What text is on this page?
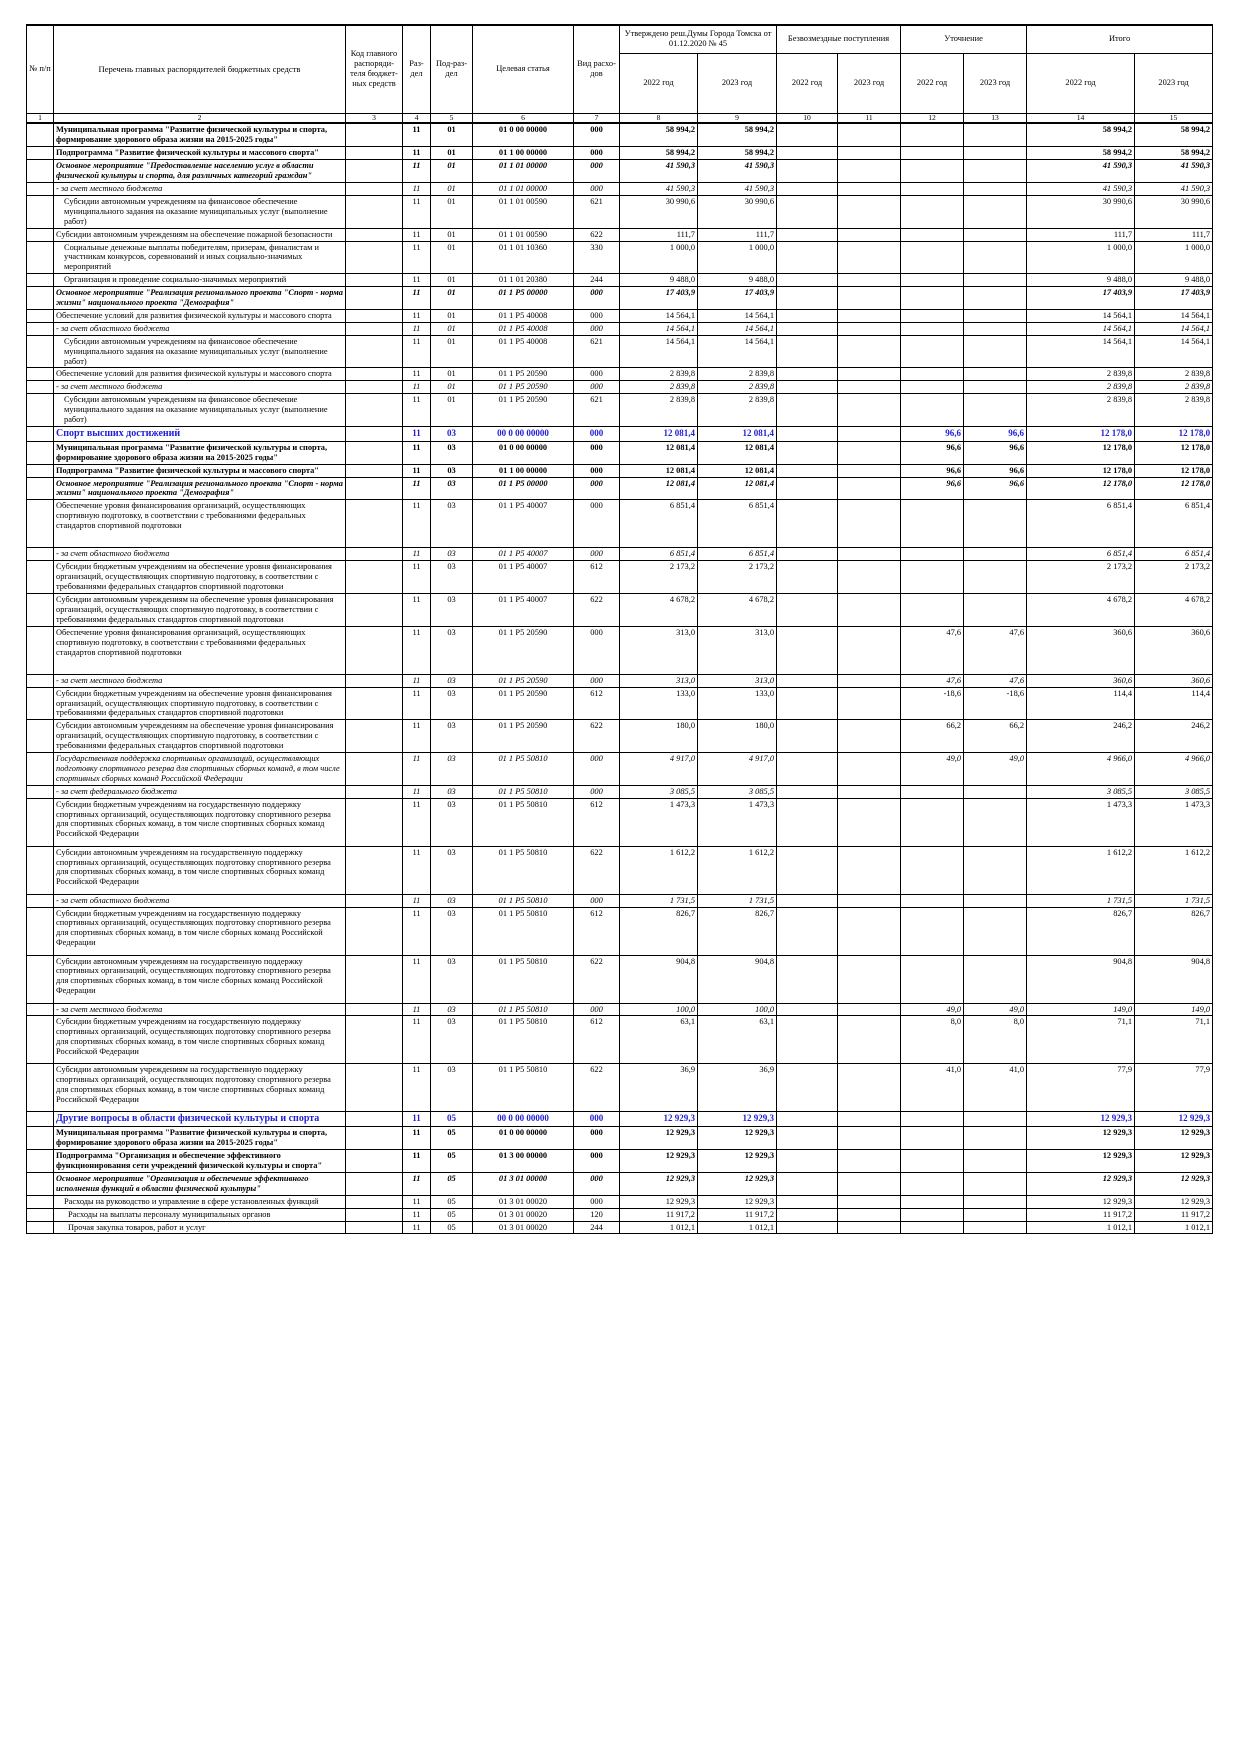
№ п/п	Перечень главных распорядителей бюджетных средств	Код главного распоряди-теля бюджет-ных средств	Раз-дел	Под-раз-дел	Целевая статья	Вид расхо-дов	Утверждено реш.Думы Города Томска от 01.12.2020 № 45		Безвозмездные поступления		Уточнение		Итого	
							2022 год	2023 год	2022 год	2023 год	2022 год	2023 год	2022 год	2023 год
1	2	3	4	5	6	7	8	9	10	11	12	13	14	15
	Муниципальная программа "Развитие физической культуры и спорта, формирование здорового образа жизни на 2015-2025 годы"		11	01	01 0 00 00000	000	58 994,2	58 994,2					58 994,2	58 994,2
	Подпрограмма "Развитие физической культуры и массового спорта"		11	01	01 1 00 00000	000	58 994,2	58 994,2					58 994,2	58 994,2
	Основное мероприятие "Предоставление населению услуг в области физической культуры и спорта, для различных категорий граждан"		11	01	01 1 01 00000	000	41 590,3	41 590,3					41 590,3	41 590,3
	- за счет местного бюджета		11	01	01 1 01 00000	000	41 590,3	41 590,3					41 590,3	41 590,3
	Субсидии автономным учреждениям на финансовое обеспечение муниципального задания на оказание муниципальных услуг (выполнение работ)		11	01	01 1 01 00590	621	30 990,6	30 990,6					30 990,6	30 990,6
	Субсидии автономным учреждениям на обеспечение пожарной безопасности		11	01	01 1 01 00590	622	111,7	111,7					111,7	111,7
	Социальные денежные выплаты победителям, призерам, финалистам и участникам конкурсов, соревнований и иных социально-значимых мероприятий		11	01	01 1 01 10360	330	1 000,0	1 000,0					1 000,0	1 000,0
	Организация и проведение социально-значимых мероприятий		11	01	01 1 01 20380	244	9 488,0	9 488,0					9 488,0	9 488,0
	Основное мероприятие "Реализация регионального проекта "Спорт - норма жизни" национального проекта "Демография"		11	01	01 1 Р5 00000	000	17 403,9	17 403,9					17 403,9	17 403,9
	Обеспечение условий для развития физической культуры и массового спорта		11	01	01 1 Р5 40008	000	14 564,1	14 564,1					14 564,1	14 564,1
	- за счет областного бюджета		11	01	01 1 Р5 40008	000	14 564,1	14 564,1					14 564,1	14 564,1
	Субсидии автономным учреждениям на финансовое обеспечение муниципального задания на оказание муниципальных услуг (выполнение работ)		11	01	01 1 Р5 40008	621	14 564,1	14 564,1					14 564,1	14 564,1
	Обеспечение условий для развития физической культуры и массового спорта		11	01	01 1 Р5 20590	000	2 839,8	2 839,8					2 839,8	2 839,8
	- за счет местного бюджета		11	01	01 1 Р5 20590	000	2 839,8	2 839,8					2 839,8	2 839,8
	Субсидии автономным учреждениям на финансовое обеспечение муниципального задания на оказание муниципальных услуг (выполнение работ)		11	01	01 1 Р5 20590	621	2 839,8	2 839,8					2 839,8	2 839,8
	Спорт высших достижений		11	03	00 0 00 00000	000	12 081,4	12 081,4			96,6	96,6	12 178,0	12 178,0
	Муниципальная программа "Развитие физической культуры и спорта, формирование здорового образа жизни на 2015-2025 годы"		11	03	01 0 00 00000	000	12 081,4	12 081,4			96,6	96,6	12 178,0	12 178,0
	Подпрограмма "Развитие физической культуры и массового спорта"		11	03	01 1 00 00000	000	12 081,4	12 081,4			96,6	96,6	12 178,0	12 178,0
	Основное мероприятие "Реализация регионального проекта "Спорт - норма жизни" национального проекта "Демография"		11	03	01 1 Р5 00000	000	12 081,4	12 081,4			96,6	96,6	12 178,0	12 178,0
	Обеспечение уровня финансирования организаций, осуществляющих спортивную подготовку, в соответствии с требованиями федеральных стандартов спортивной подготовки		11	03	01 1 Р5 40007	000	6 851,4	6 851,4					6 851,4	6 851,4
	- за счет областного бюджета		11	03	01 1 Р5 40007	000	6 851,4	6 851,4					6 851,4	6 851,4
	Субсидии бюджетным учреждениям на обеспечение уровня финансирования организаций, осуществляющих спортивную подготовку, в соответствии с требованиями федеральных стандартов спортивной подготовки		11	03	01 1 Р5 40007	612	2 173,2	2 173,2					2 173,2	2 173,2
	Субсидии автономным учреждениям на обеспечение уровня финансирования организаций, осуществляющих спортивную подготовку, в соответствии с требованиями федеральных стандартов спортивной подготовки		11	03	01 1 Р5 40007	622	4 678,2	4 678,2					4 678,2	4 678,2
	Обеспечение уровня финансирования организаций, осуществляющих спортивную подготовку, в соответствии с требованиями федеральных стандартов спортивной подготовки		11	03	01 1 Р5 20590	000	313,0	313,0			47,6	47,6	360,6	360,6
	- за счет местного бюджета		11	03	01 1 Р5 20590	000	313,0	313,0			47,6	47,6	360,6	360,6
	Субсидии бюджетным учреждениям на обеспечение уровня финансирования организаций, осуществляющих спортивную подготовку, в соответствии с требованиями федеральных стандартов спортивной подготовки		11	03	01 1 Р5 20590	612	133,0	133,0			-18,6	-18,6	114,4	114,4
	Субсидии автономным учреждениям на обеспечение уровня финансирования организаций, осуществляющих спортивную подготовку, в соответствии с требованиями федеральных стандартов спортивной подготовки		11	03	01 1 Р5 20590	622	180,0	180,0			66,2	66,2	246,2	246,2
	Государственная поддержка спортивных организаций, осуществляющих подготовку спортивного резерва для спортивных сборных команд, в том числе спортивных сборных команд Российской Федерации		11	03	01 1 Р5 50810	000	4 917,0	4 917,0			49,0	49,0	4 966,0	4 966,0
	- за счет федерального бюджета		11	03	01 1 Р5 50810	000	3 085,5	3 085,5					3 085,5	3 085,5
	Субсидии бюджетным учреждениям на государственную поддержку спортивных организаций, осуществляющих подготовку спортивного резерва для спортивных сборных команд, в том числе спортивных сборных команд Российской Федерации		11	03	01 1 Р5 50810	612	1 473,3	1 473,3					1 473,3	1 473,3
	Субсидии автономным учреждениям на государственную поддержку спортивных организаций, осуществляющих подготовку спортивного резерва для спортивных сборных команд, в том числе спортивных сборных команд Российской Федерации		11	03	01 1 Р5 50810	622	1 612,2	1 612,2					1 612,2	1 612,2
	- за счет областного бюджета		11	03	01 1 Р5 50810	000	1 731,5	1 731,5					1 731,5	1 731,5
	Субсидии бюджетным учреждениям на государственную поддержку спортивных организаций, осуществляющих подготовку спортивного резерва для спортивных сборных команд, в том числе сборных команд Российской Федерации		11	03	01 1 Р5 50810	612	826,7	826,7					826,7	826,7
	Субсидии автономным учреждениям на государственную поддержку спортивных организаций, осуществляющих подготовку спортивного резерва для спортивных сборных команд, в том числе сборных команд Российской Федерации		11	03	01 1 Р5 50810	622	904,8	904,8					904,8	904,8
	- за счет местного бюджета		11	03	01 1 Р5 50810	000	100,0	100,0			49,0	49,0	149,0	149,0
	Субсидии бюджетным учреждениям на государственную поддержку спортивных организаций, осуществляющих подготовку спортивного резерва для спортивных сборных команд, в том числе спортивных сборных команд Российской Федерации		11	03	01 1 Р5 50810	612	63,1	63,1			8,0	8,0	71,1	71,1
	Субсидии автономным учреждениям на государственную поддержку спортивных организаций, осуществляющих подготовку спортивного резерва для спортивных сборных команд, в том числе спортивных сборных команд Российской Федерации		11	03	01 1 Р5 50810	622	36,9	36,9			41,0	41,0	77,9	77,9
	Другие вопросы в области физической культуры и спорта		11	05	00 0 00 00000	000	12 929,3	12 929,3					12 929,3	12 929,3
	Муниципальная программа "Развитие физической культуры и спорта, формирование здорового образа жизни на 2015-2025 годы"		11	05	01 0 00 00000	000	12 929,3	12 929,3					12 929,3	12 929,3
	Подпрограмма "Организация и обеспечение эффективного функционирования сети учреждений физической культуры и спорта"		11	05	01 3 00 00000	000	12 929,3	12 929,3					12 929,3	12 929,3
	Основное мероприятие "Организация и обеспечение эффективного исполнения функций в области физической культуры"		11	05	01 3 01 00000	000	12 929,3	12 929,3					12 929,3	12 929,3
	Расходы на руководство и управление в сфере установленных функций		11	05	01 3 01 00020	000	12 929,3	12 929,3					12 929,3	12 929,3
	Расходы на выплаты персоналу муниципальных органов		11	05	01 3 01 00020	120	11 917,2	11 917,2					11 917,2	11 917,2
	Прочая закупка товаров, работ и услуг		11	05	01 3 01 00020	244	1 012,1	1 012,1					1 012,1	1 012,1
